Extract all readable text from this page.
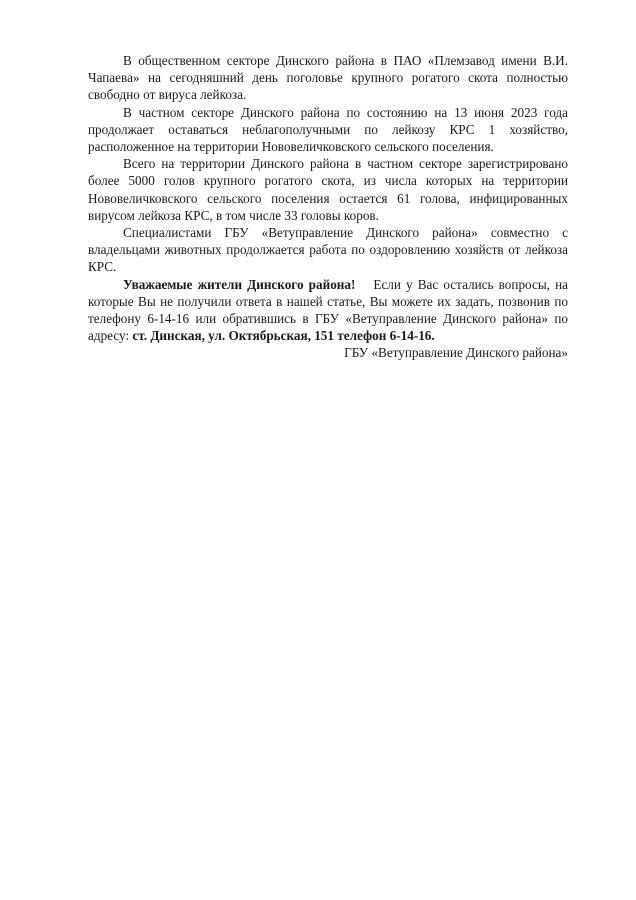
В общественном секторе Динского района в ПАО «Племзавод имени В.И. Чапаева» на сегодняшний день поголовье крупного рогатого скота полностью свободно от вируса лейкоза.

В частном секторе Динского района по состоянию на 13 июня 2023 года продолжает оставаться неблагополучными по лейкозу КРС 1 хозяйство, расположенное на территории Нововеличковского сельского поселения.

Всего на территории Динского района в частном секторе зарегистрировано более 5000 голов крупного рогатого скота, из числа которых на территории Нововеличковского сельского поселения остается 61 голова, инфицированных вирусом лейкоза КРС, в том числе 33 головы коров.

Специалистами ГБУ «Ветуправление Динского района» совместно с владельцами животных продолжается работа по оздоровлению хозяйств от лейкоза КРС.

Уважаемые жители Динского района! Если у Вас остались вопросы, на которые Вы не получили ответа в нашей статье, Вы можете их задать, позвонив по телефону 6-14-16 или обратившись в ГБУ «Ветуправление Динского района» по адресу: ст. Динская, ул. Октябрьская, 151 телефон 6-14-16.

ГБУ «Ветуправление Динского района»
